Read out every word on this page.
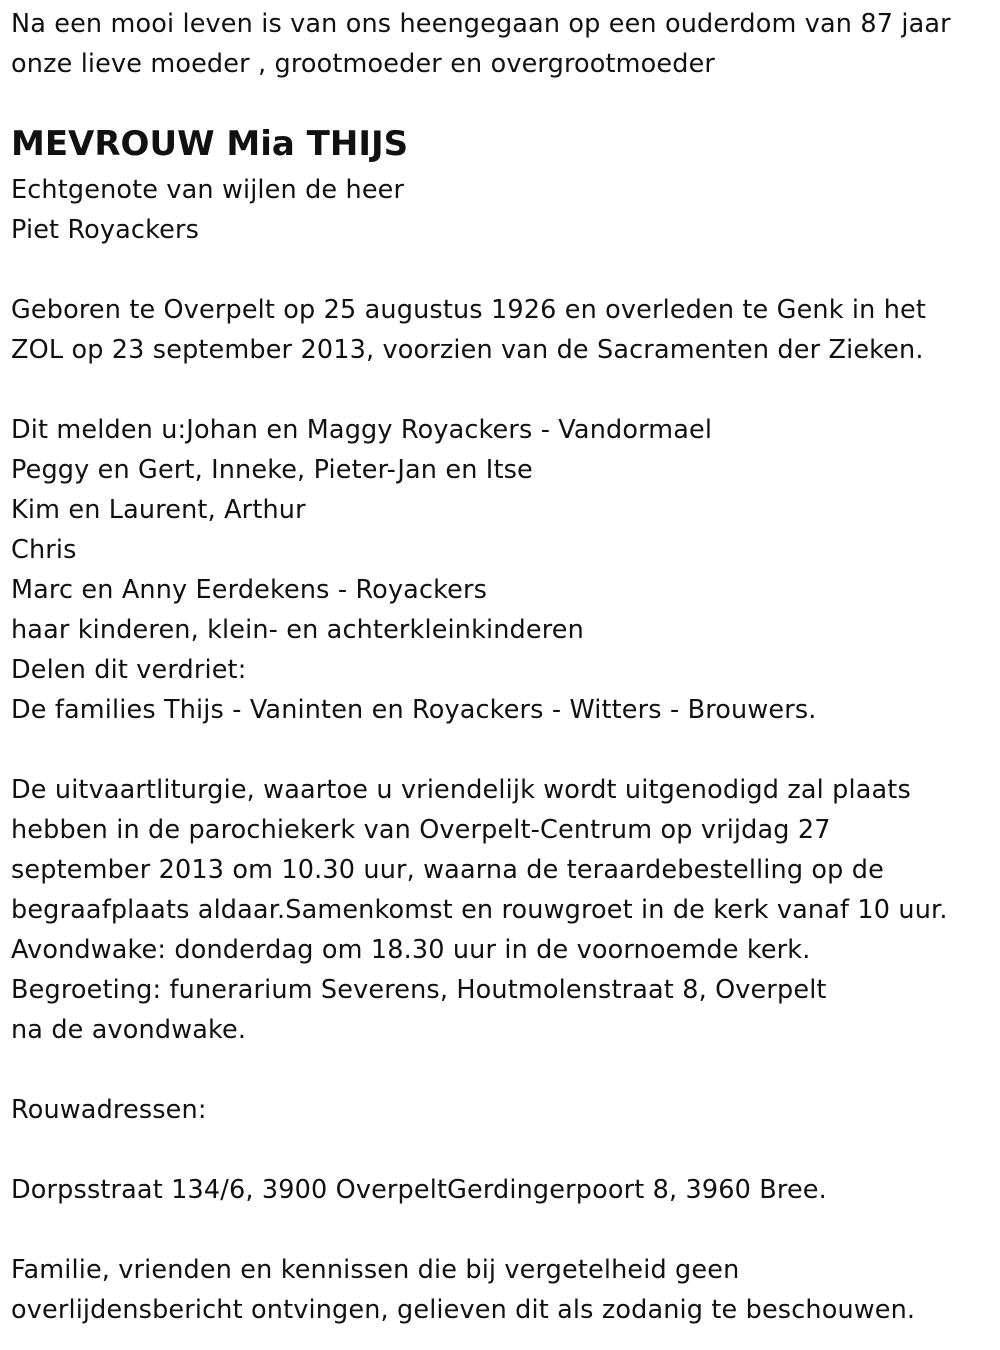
Na een mooi leven is van ons heengegaan op een ouderdom van 87 jaar
onze lieve moeder , grootmoeder en overgrootmoeder
MEVROUW Mia THIJS
Echtgenote van wijlen de heer
Piet Royackers
Geboren te Overpelt op 25 augustus 1926 en overleden te Genk in het
ZOL op 23 september 2013, voorzien van de Sacramenten der Zieken.
Dit melden u:Johan en Maggy Royackers - Vandormael
Peggy en Gert, Inneke, Pieter-Jan en Itse
Kim en Laurent, Arthur
Chris
Marc en Anny Eerdekens - Royackers
haar kinderen, klein- en achterkleinkinderen
Delen dit verdriet:
De families Thijs - Vaninten en Royackers - Witters - Brouwers.
De uitvaartliturgie, waartoe u vriendelijk wordt uitgenodigd zal plaats
hebben in de parochiekerk van Overpelt-Centrum op vrijdag 27
september 2013 om 10.30 uur, waarna de teraardebestelling op de
begraafplaats aldaar.Samenkomst en rouwgroet in de kerk vanaf 10 uur.
Avondwake: donderdag om 18.30 uur in de voornoemde kerk.
Begroeting: funerarium Severens, Houtmolenstraat 8, Overpelt
na de avondwake.
Rouwadressen:
Dorpsstraat 134/6, 3900 OverpeltGerdingerpoort 8, 3960 Bree.
Familie, vrienden en kennissen die bij vergetelheid geen
overlijdensbericht ontvingen, gelieven dit als zodanig te beschouwen.
